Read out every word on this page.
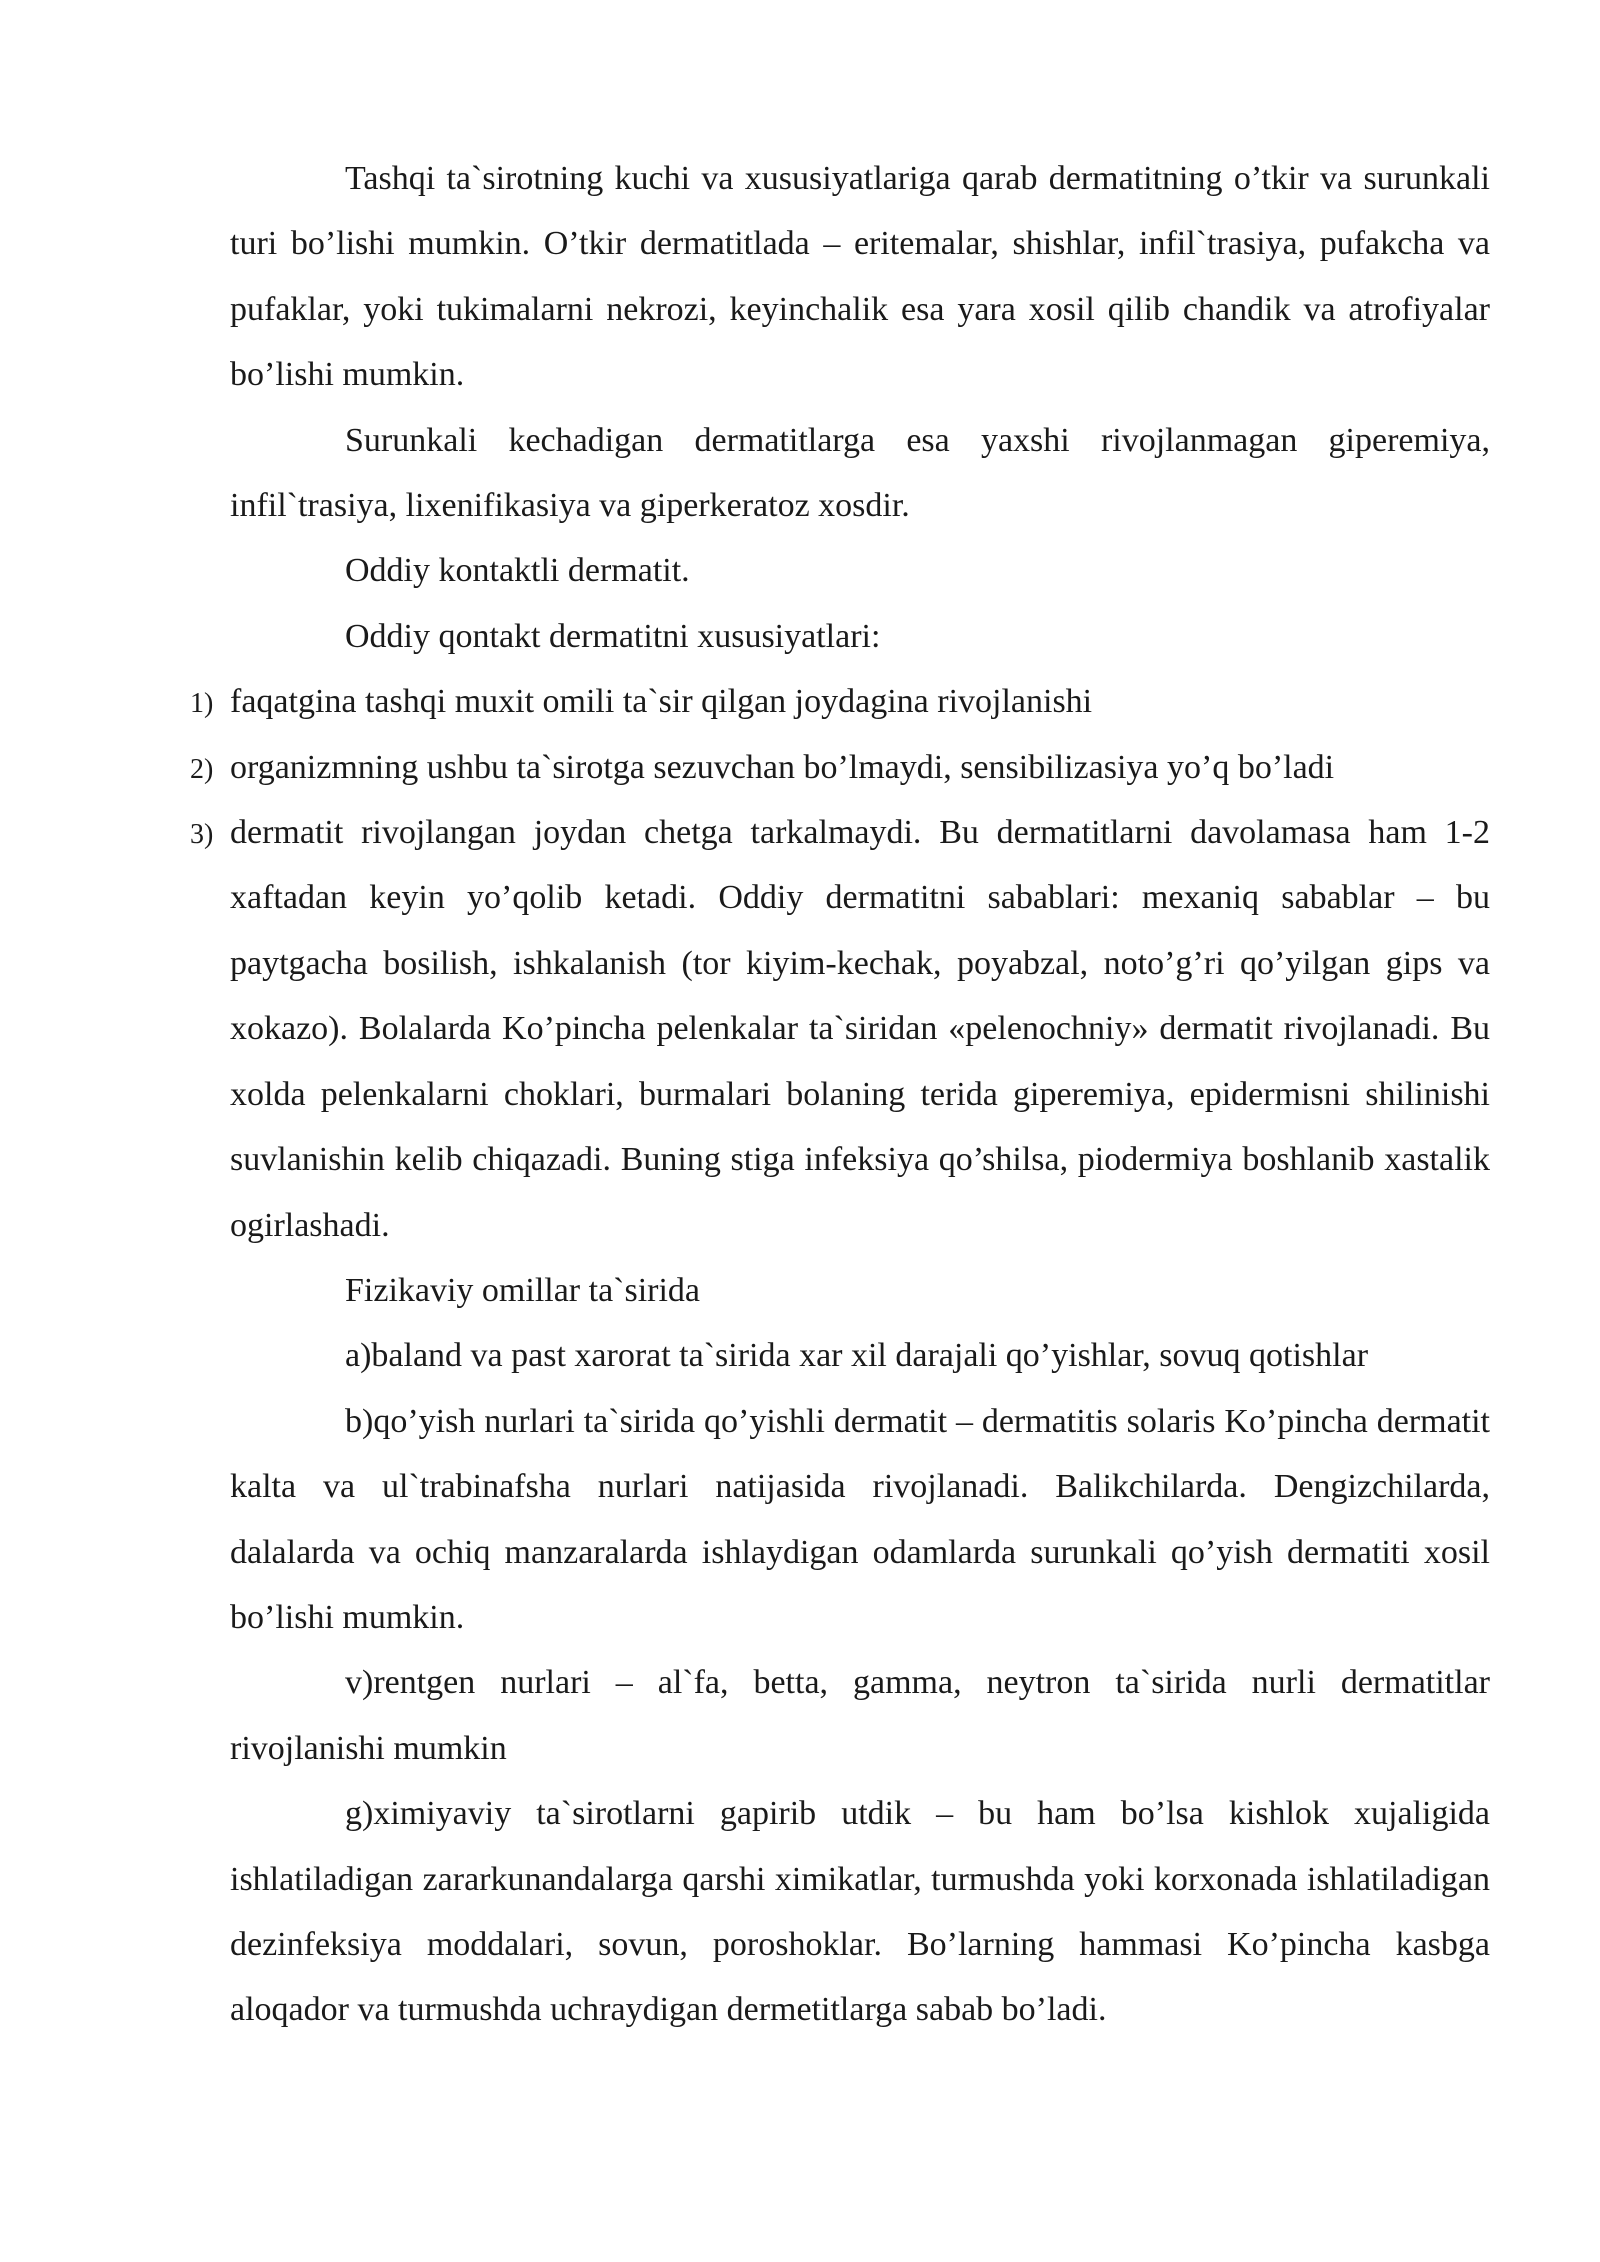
Tashqi ta`sirotning kuchi va xususiyatlariga qarab dermatitning o’tkir va surunkali turi bo’lishi mumkin. O’tkir dermatitlada – eritemalar, shishlar, infil`trasiya, pufakcha va pufaklar, yoki tukimalarni nekrozi, keyinchalik esa yara xosil qilib chandik va atrofiyalar bo’lishi mumkin.

Surunkali kechadigan dermatitlarga esa yaxshi rivojlanmagan giperemiya, infil`trasiya, lixenifikasiya va giperkeratoz xosdir.

Oddiy kontaktli dermatit.

Oddiy qontakt dermatitni xususiyatlari:

1) faqatgina tashqi muxit omili ta`sir qilgan joydagina rivojlanishi
2) organizmning ushbu ta`sirotga sezuvchan bo’lmaydi, sensibilizasiya yo’q bo’ladi
3) dermatit rivojlangan joydan chetga tarkalmaydi. Bu dermatitlarni davolamasa ham 1-2 xaftadan keyin yo’qolib ketadi. Oddiy dermatitni sabablari: mexaniq sabablar – bu paytgacha bosilish, ishkalanish (tor kiyim-kechak, poyabzal, noto’g’ri qo’yilgan gips va xokazo). Bolalarda Ko’pincha pelenkalar ta`siridan «pelenochniy» dermatit rivojlanadi. Bu xolda pelenkalarni choklari, burmalari bolaning terida giperemiya, epidermisni shilinishi suvlanishin kelib chiqazadi. Buning stiga infeksiya qo’shilsa, piodermiya boshlanib xastalik ogirlashadi.

Fizikaviy omillar ta`sirida

a)baland va past xarorat ta`sirida xar xil darajali qo’yishlar, sovuq qotishlar

b)qo’yish nurlari ta`sirida qo’yishli dermatit – dermatitis solaris Ko’pincha dermatit kalta va ul`trabinafsha nurlari natijasida rivojlanadi. Balikchilarda. Dengizchilarda, dalalarda va ochiq manzaralarda ishlaydigan odamlarda surunkali qo’yish dermatiti xosil bo’lishi mumkin.

v)rentgen nurlari – al`fa, betta, gamma, neytron ta`sirida nurli dermatitlar rivojlanishi mumkin

g)ximiyaviy ta`sirotlarni gapirib utdik – bu ham bo’lsa kishlok xujaligida ishlatiladigan zararkunandalarga qarshi ximikatlar, turmushda yoki korxonada ishlatiladigan dezinfeksiya moddalari, sovun, poroshoklar. Bo’larning hammasi Ko’pincha kasbga aloqador va turmushda uchraydigan dermetitlarga sabab bo’ladi.
